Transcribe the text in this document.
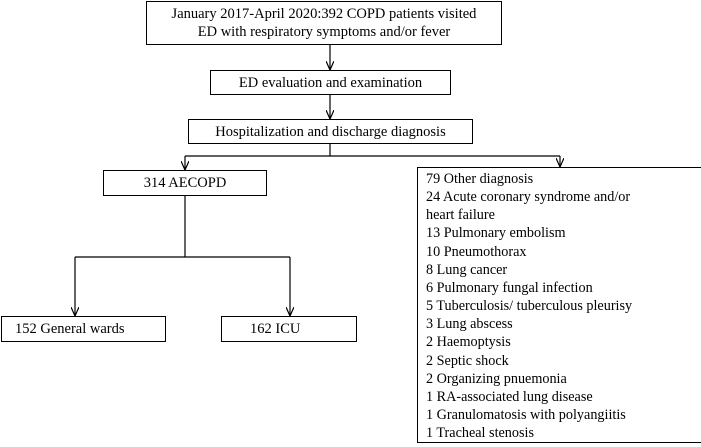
January 2017-April 2020:392 COPD patients visited
ED with respiratory symptoms and/or fever
ED evaluation and examination
Hospitalization and discharge diagnosis
314 AECOPD
152 General wards	162 ICU
79 Other diagnosis
24 Acute coronary syndrome and/or
heart failure
13 Pulmonary embolism
10 Pneumothorax
8 Lung cancer
6 Pulmonary fungal infection
5 Tuberculosis/ tuberculous pleurisy
3 Lung abscess
2 Haemoptysis
2 Septic shock
2 Organizing pnuemonia
1 RA-associated lung disease
1 Granulomatosis with polyangiitis
1 Tracheal stenosis
